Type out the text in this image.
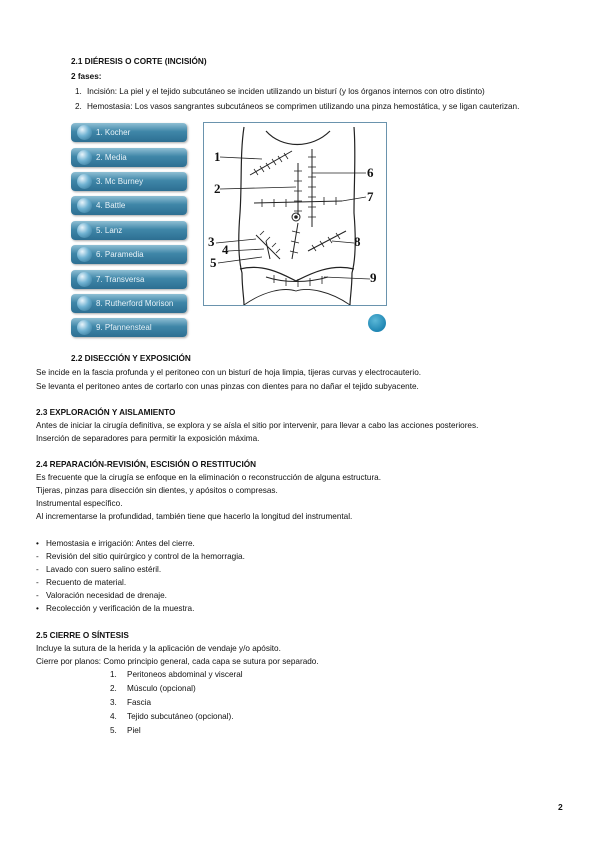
2.1 DIÉRESIS O CORTE (INCISIÓN)
2 fases:
1. Incisión: La piel y el tejido subcutáneo se inciden utilizando un bisturí (y los órganos internos con otro distinto)
2. Hemostasia: Los vasos sangrantes subcutáneos se comprimen utilizando una pinza hemostática, y se ligan cauterizan.
1. Kocher
2. Media
3. Mc Burney
4. Battle
5. Lanz
6. Paramedia
7. Transversa
8. Rutherford Morison
9. Pfannensteal
1
2
3
4
5
6
7
8
9
2.2 DISECCIÓN Y EXPOSICIÓN
Se incide en la fascia profunda y el peritoneo con un bisturí de hoja limpia, tijeras curvas y electrocauterio.
Se levanta el peritoneo antes de cortarlo con unas pinzas con dientes para no dañar el tejido subyacente.
2.3 EXPLORACIÓN Y AISLAMIENTO
Antes de iniciar la cirugía definitiva, se explora y se aísla el sitio por intervenir, para llevar a cabo las acciones posteriores.
Inserción de separadores para permitir la exposición máxima.
2.4 REPARACIÓN-REVISIÓN, ESCISIÓN O RESTITUCIÓN
Es frecuente que la cirugía se enfoque en la eliminación o reconstrucción de alguna estructura.
Tijeras, pinzas para disección sin dientes, y apósitos o compresas.
Instrumental específico.
Al incrementarse la profundidad, también tiene que hacerlo la longitud del instrumental.
• Hemostasia e irrigación: Antes del cierre.
- Revisión del sitio quirúrgico y control de la hemorragia.
- Lavado con suero salino estéril.
- Recuento de material.
- Valoración necesidad de drenaje.
• Recolección y verificación de la muestra.
2.5 CIERRE O SÍNTESIS
Incluye la sutura de la herida y la aplicación de vendaje y/o apósito.
Cierre por planos: Como principio general, cada capa se sutura por separado.
1. Peritoneos abdominal y visceral
2. Músculo (opcional)
3. Fascia
4. Tejido subcutáneo (opcional).
5. Piel
2
